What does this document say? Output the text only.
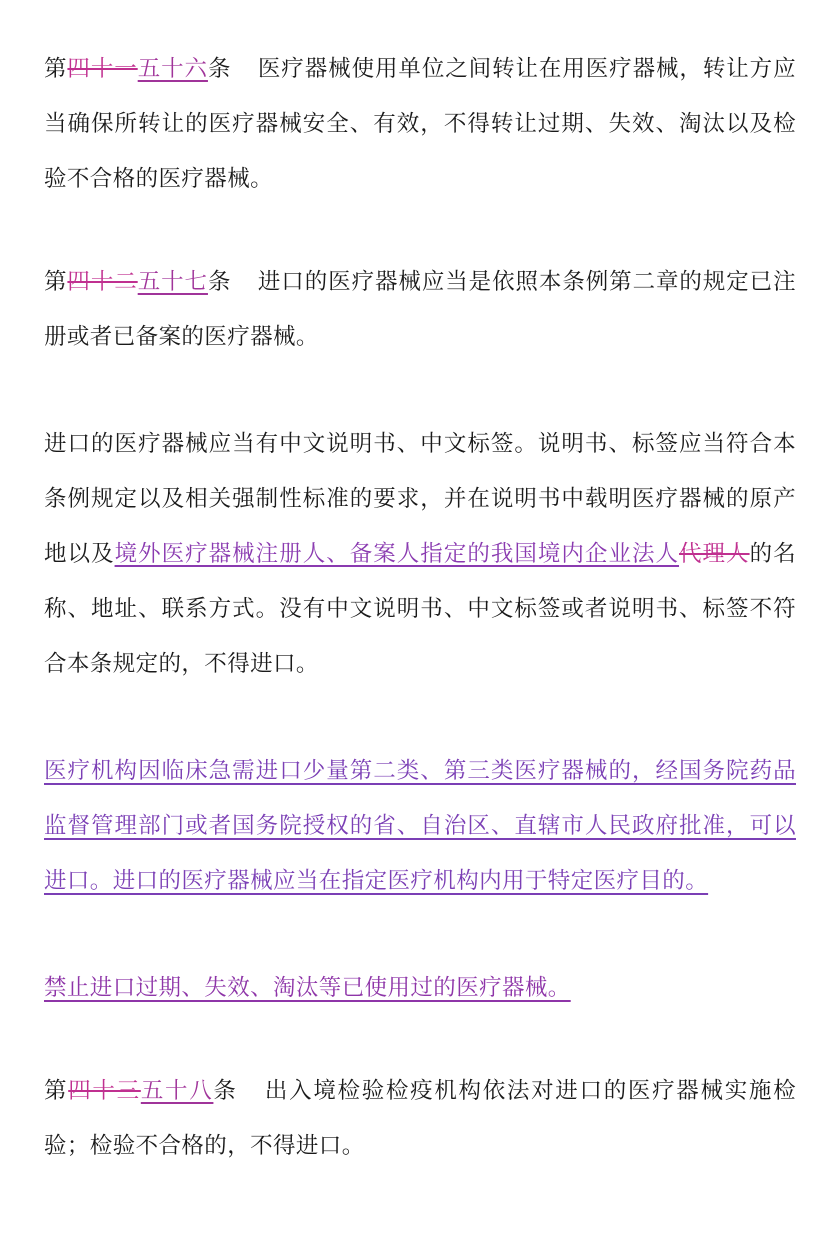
第四十一五十六条 医疗器械使用单位之间转让在用医疗器械，转让方应当确保所转让的医疗器械安全、有效，不得转让过期、失效、淘汰以及检验不合格的医疗器械。

第四十二五十七条 进口的医疗器械应当是依照本条例第二章的规定已注册或者已备案的医疗器械。

进口的医疗器械应当有中文说明书、中文标签。说明书、标签应当符合本条例规定以及相关强制性标准的要求，并在说明书中载明医疗器械的原产地以及境外医疗器械注册人、备案人指定的我国境内企业法人代理人的名称、地址、联系方式。没有中文说明书、中文标签或者说明书、标签不符合本条规定的，不得进口。

医疗机构因临床急需进口少量第二类、第三类医疗器械的，经国务院药品监督管理部门或者国务院授权的省、自治区、直辖市人民政府批准，可以进口。进口的医疗器械应当在指定医疗机构内用于特定医疗目的。

禁止进口过期、失效、淘汰等已使用过的医疗器械。

第四十三五十八条 出入境检验检疫机构依法对进口的医疗器械实施检验；检验不合格的，不得进口。
